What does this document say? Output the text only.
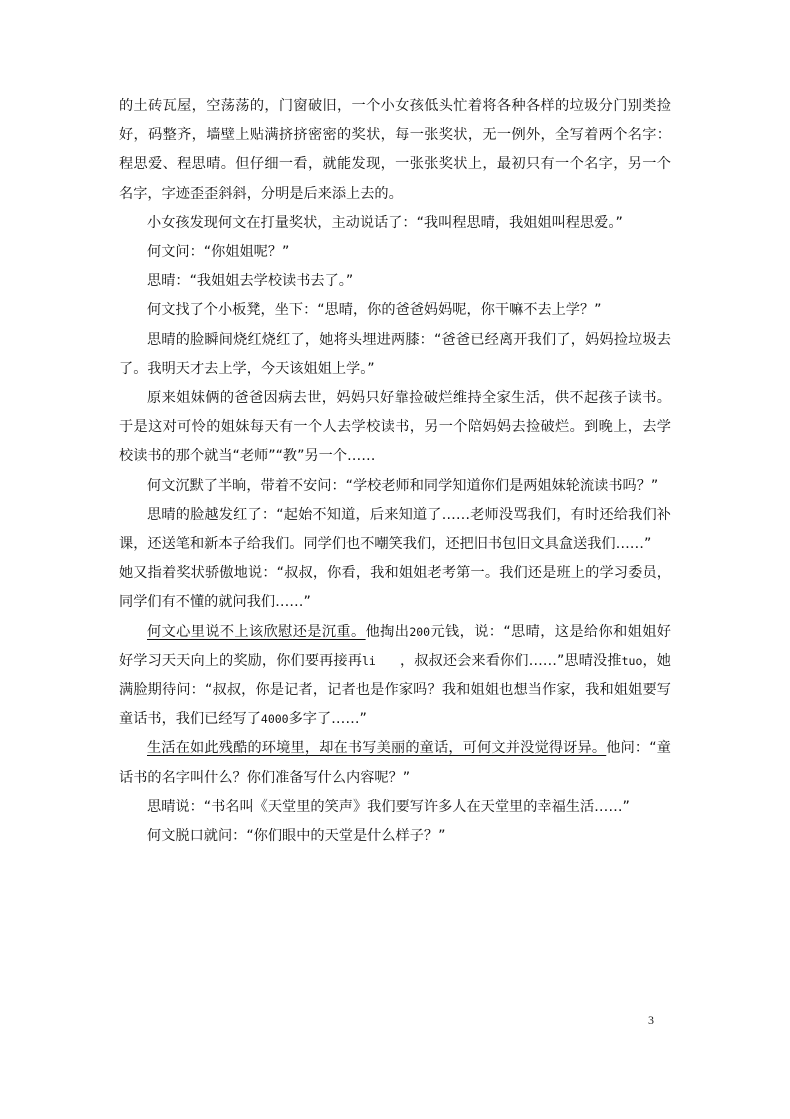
的土砖瓦屋，空荡荡的，门窗破旧，一个小女孩低头忙着将各种各样的垃圾分门别类捡好，码整齐，墙壁上贴满挤挤密密的奖状，每一张奖状，无一例外，全写着两个名字：程思爱、程思晴。但仔细一看，就能发现，一张张奖状上，最初只有一个名字，另一个名字，字迹歪歪斜斜，分明是后来添上去的。

小女孩发现何文在打量奖状，主动说话了：“我叫程思晴，我姐姐叫程思爱。”

何文问：“你姐姐呢？”

思晴：“我姐姐去学校读书去了。”

何文找了个小板凳，坐下：“思晴，你的爸爸妈妈呢，你干嘛不去上学？”

思晴的脸瞬间烧红烧红了，她将头埋进两膝：“爸爸已经离开我们了，妈妈捡垃圾去了。我明天才去上学，今天该姐姐上学。”

原来姐妹俩的爸爸因病去世，妈妈只好靠捡破烂维持全家生活，供不起孩子读书。于是这对可怜的姐妹每天有一个人去学校读书，另一个陪妈妈去捡破烂。到晚上，去学校读书的那个就当“老师”“教”另一个……

何文沉默了半晌，带着不安问：“学校老师和同学知道你们是两姐妹轮流读书吗？”

思晴的脸越发红了：“起始不知道，后来知道了……老师没骂我们，有时还给我们补课，还送笔和新本子给我们。同学们也不嘲笑我们，还把旧书包旧文具盒送我们……”

她又指着奖状骄傲地说：“叔叔，你看，我和姐姐老考第一。我们还是班上的学习委员，同学们有不懂的就问我们……”

何文心里说不上该欣慰还是沉重。他掏出200元钱，说：“思晴，这是给你和姐姐好好学习天天向上的奖励，你们要再接再li ，叔叔还会来看你们……”思晴没推tuo，她满脸期待问：“叔叔，你是记者，记者也是作家吗？我和姐姐也想当作家，我和姐姐要写童话书，我们已经写了4000多字了……”

生活在如此残酷的环境里，却在书写美丽的童话，可何文并没觉得讶异。他问：“童话书的名字叫什么？你们准备写什么内容呢？”

思晴说：“书名叫《天堂里的笑声》我们要写许多人在天堂里的幸福生活……”

何文脱口就问：“你们眼中的天堂是什么样子？”

3
